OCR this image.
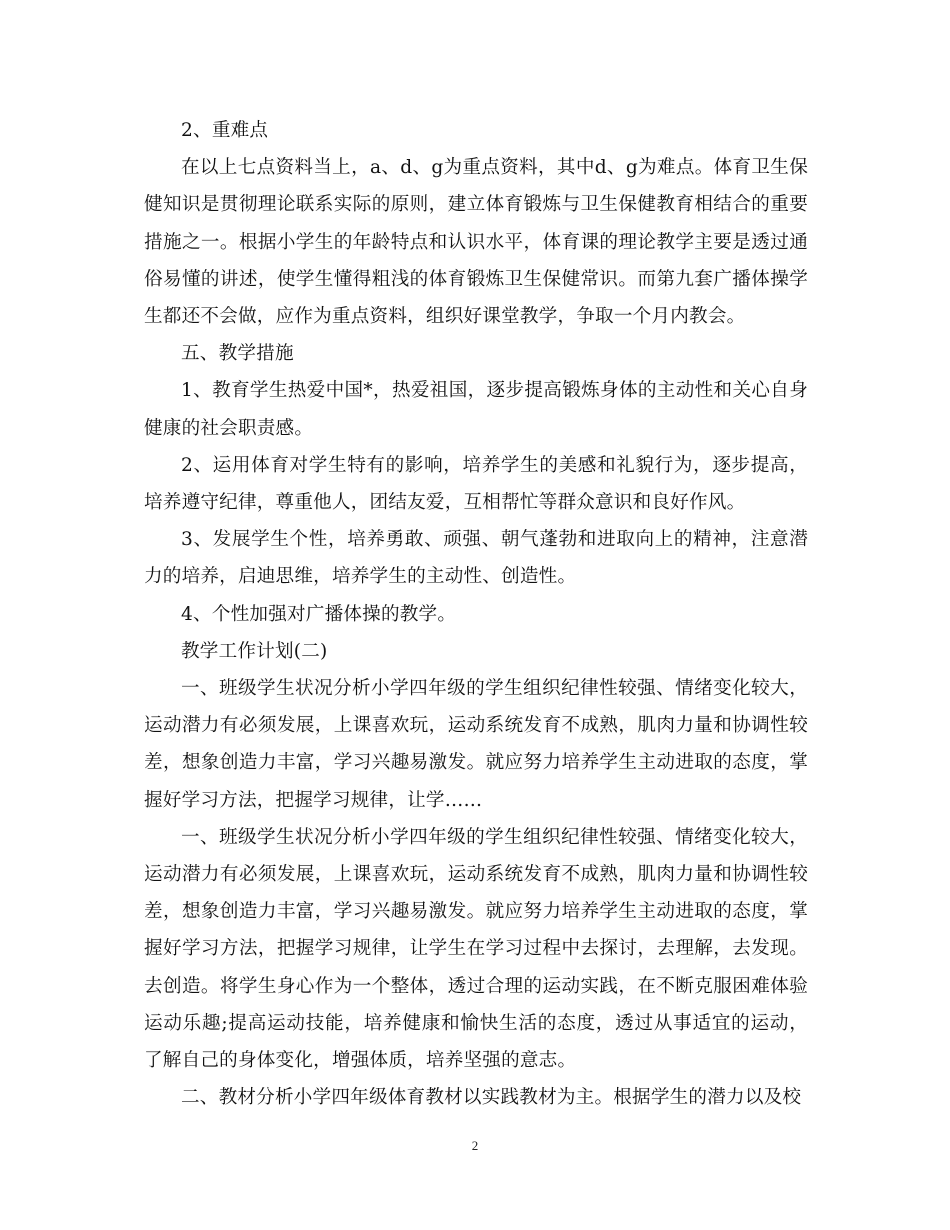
2、重难点

在以上七点资料当上，a、d、g为重点资料，其中d、g为难点。体育卫生保健知识是贯彻理论联系实际的原则，建立体育锻炼与卫生保健教育相结合的重要措施之一。根据小学生的年龄特点和认识水平，体育课的理论教学主要是透过通俗易懂的讲述，使学生懂得粗浅的体育锻炼卫生保健常识。而第九套广播体操学生都还不会做，应作为重点资料，组织好课堂教学，争取一个月内教会。

五、教学措施

1、教育学生热爱中国*，热爱祖国，逐步提高锻炼身体的主动性和关心自身健康的社会职责感。

2、运用体育对学生特有的影响，培养学生的美感和礼貌行为，逐步提高，培养遵守纪律，尊重他人，团结友爱，互相帮忙等群众意识和良好作风。

3、发展学生个性，培养勇敢、顽强、朝气蓬勃和进取向上的精神，注意潜力的培养，启迪思维，培养学生的主动性、创造性。

4、个性加强对广播体操的教学。

教学工作计划(二)

一、班级学生状况分析小学四年级的学生组织纪律性较强、情绪变化较大，运动潜力有必须发展，上课喜欢玩，运动系统发育不成熟，肌肉力量和协调性较差，想象创造力丰富，学习兴趣易激发。就应努力培养学生主动进取的态度，掌握好学习方法，把握学习规律，让学……

一、班级学生状况分析小学四年级的学生组织纪律性较强、情绪变化较大，运动潜力有必须发展，上课喜欢玩，运动系统发育不成熟，肌肉力量和协调性较差，想象创造力丰富，学习兴趣易激发。就应努力培养学生主动进取的态度，掌握好学习方法，把握学习规律，让学生在学习过程中去探讨，去理解，去发现。去创造。将学生身心作为一个整体，透过合理的运动实践，在不断克服困难体验运动乐趣;提高运动技能，培养健康和愉快生活的态度，透过从事适宜的运动，了解自己的身体变化，增强体质，培养坚强的意志。

二、教材分析小学四年级体育教材以实践教材为主。根据学生的潜力以及校

2
